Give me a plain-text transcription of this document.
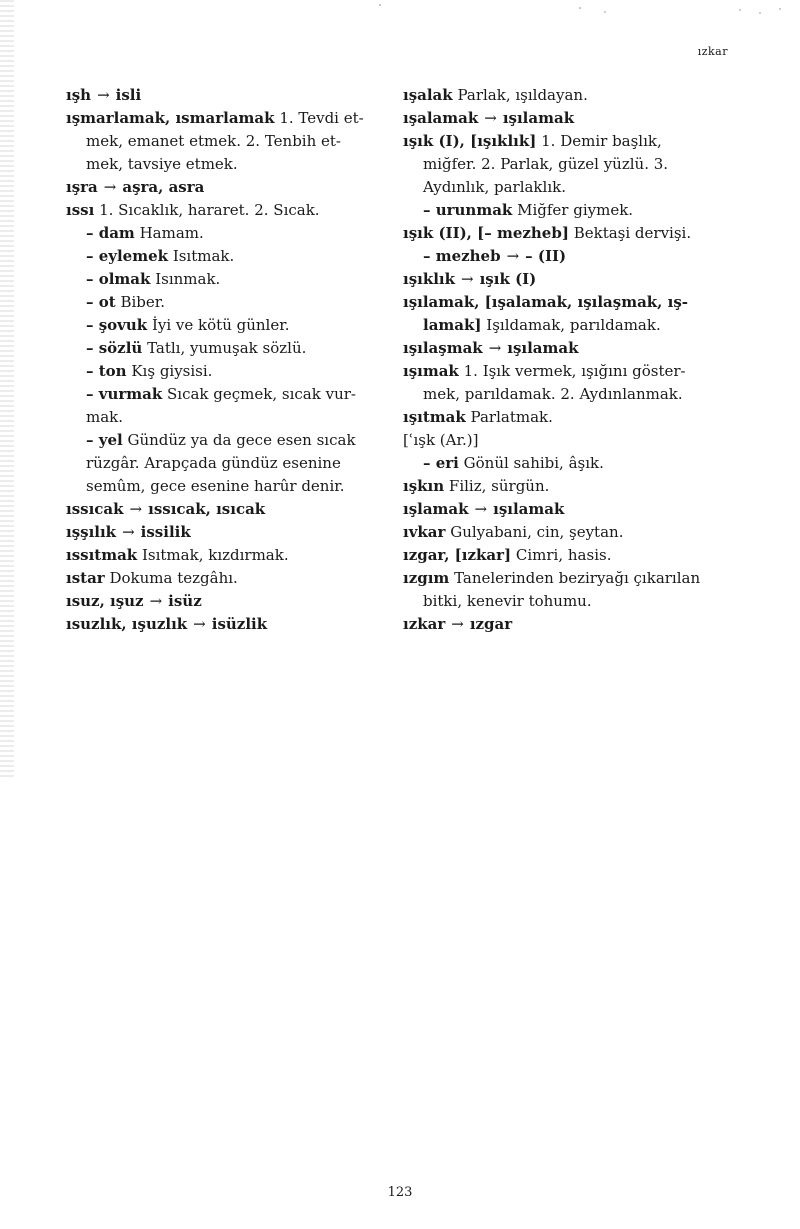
ızkar
ışh → isli
ışmarlamak, ısmarlamak 1. Tevdi et-
mek, emanet etmek. 2. Tenbih et-
mek, tavsiye etmek.
ışra → aşra, asra
ıssı 1. Sıcaklık, hararet. 2. Sıcak.
– dam Hamam.
– eylemek Isıtmak.
– olmak Isınmak.
– ot Biber.
– şovuk İyi ve kötü günler.
– sözlü Tatlı, yumuşak sözlü.
– ton Kış giysisi.
– vurmak Sıcak geçmek, sıcak vur-
mak.
– yel Gündüz ya da gece esen sıcak
rüzgâr. Arapçada gündüz esenine
semûm, gece esenine harûr denir.
ıssıcak → ıssıcak, ısıcak
ışşılık → issilik
ıssıtmak Isıtmak, kızdırmak.
ıstar Dokuma tezgâhı.
ısuz, ışuz → isüz
ısuzlık, ışuzlık → isüzlik
ışalak Parlak, ışıldayan.
ışalamak → ışılamak
ışık (I), [ışıklık] 1. Demir başlık,
miğfer. 2. Parlak, güzel yüzlü. 3.
Aydınlık, parlaklık.
– urunmak Miğfer giymek.
ışık (II), [– mezheb] Bektaşi dervişi.
– mezheb → – (II)
ışıklık → ışık (I)
ışılamak, [ışalamak, ışılaşmak, ış-
lamak] Işıldamak, parıldamak.
ışılaşmak → ışılamak
ışımak 1. Işık vermek, ışığını göster-
mek, parıldamak. 2. Aydınlanmak.
ışıtmak Parlatmak.
[ʿışk (Ar.)]
– eri Gönül sahibi, âşık.
ışkın Filiz, sürgün.
ışlamak → ışılamak
ıvkar Gulyabani, cin, şeytan.
ızgar, [ızkar] Cimri, hasis.
ızgım Tanelerinden beziryağı çıkarılan
bitki, kenevir tohumu.
ızkar → ızgar
123
